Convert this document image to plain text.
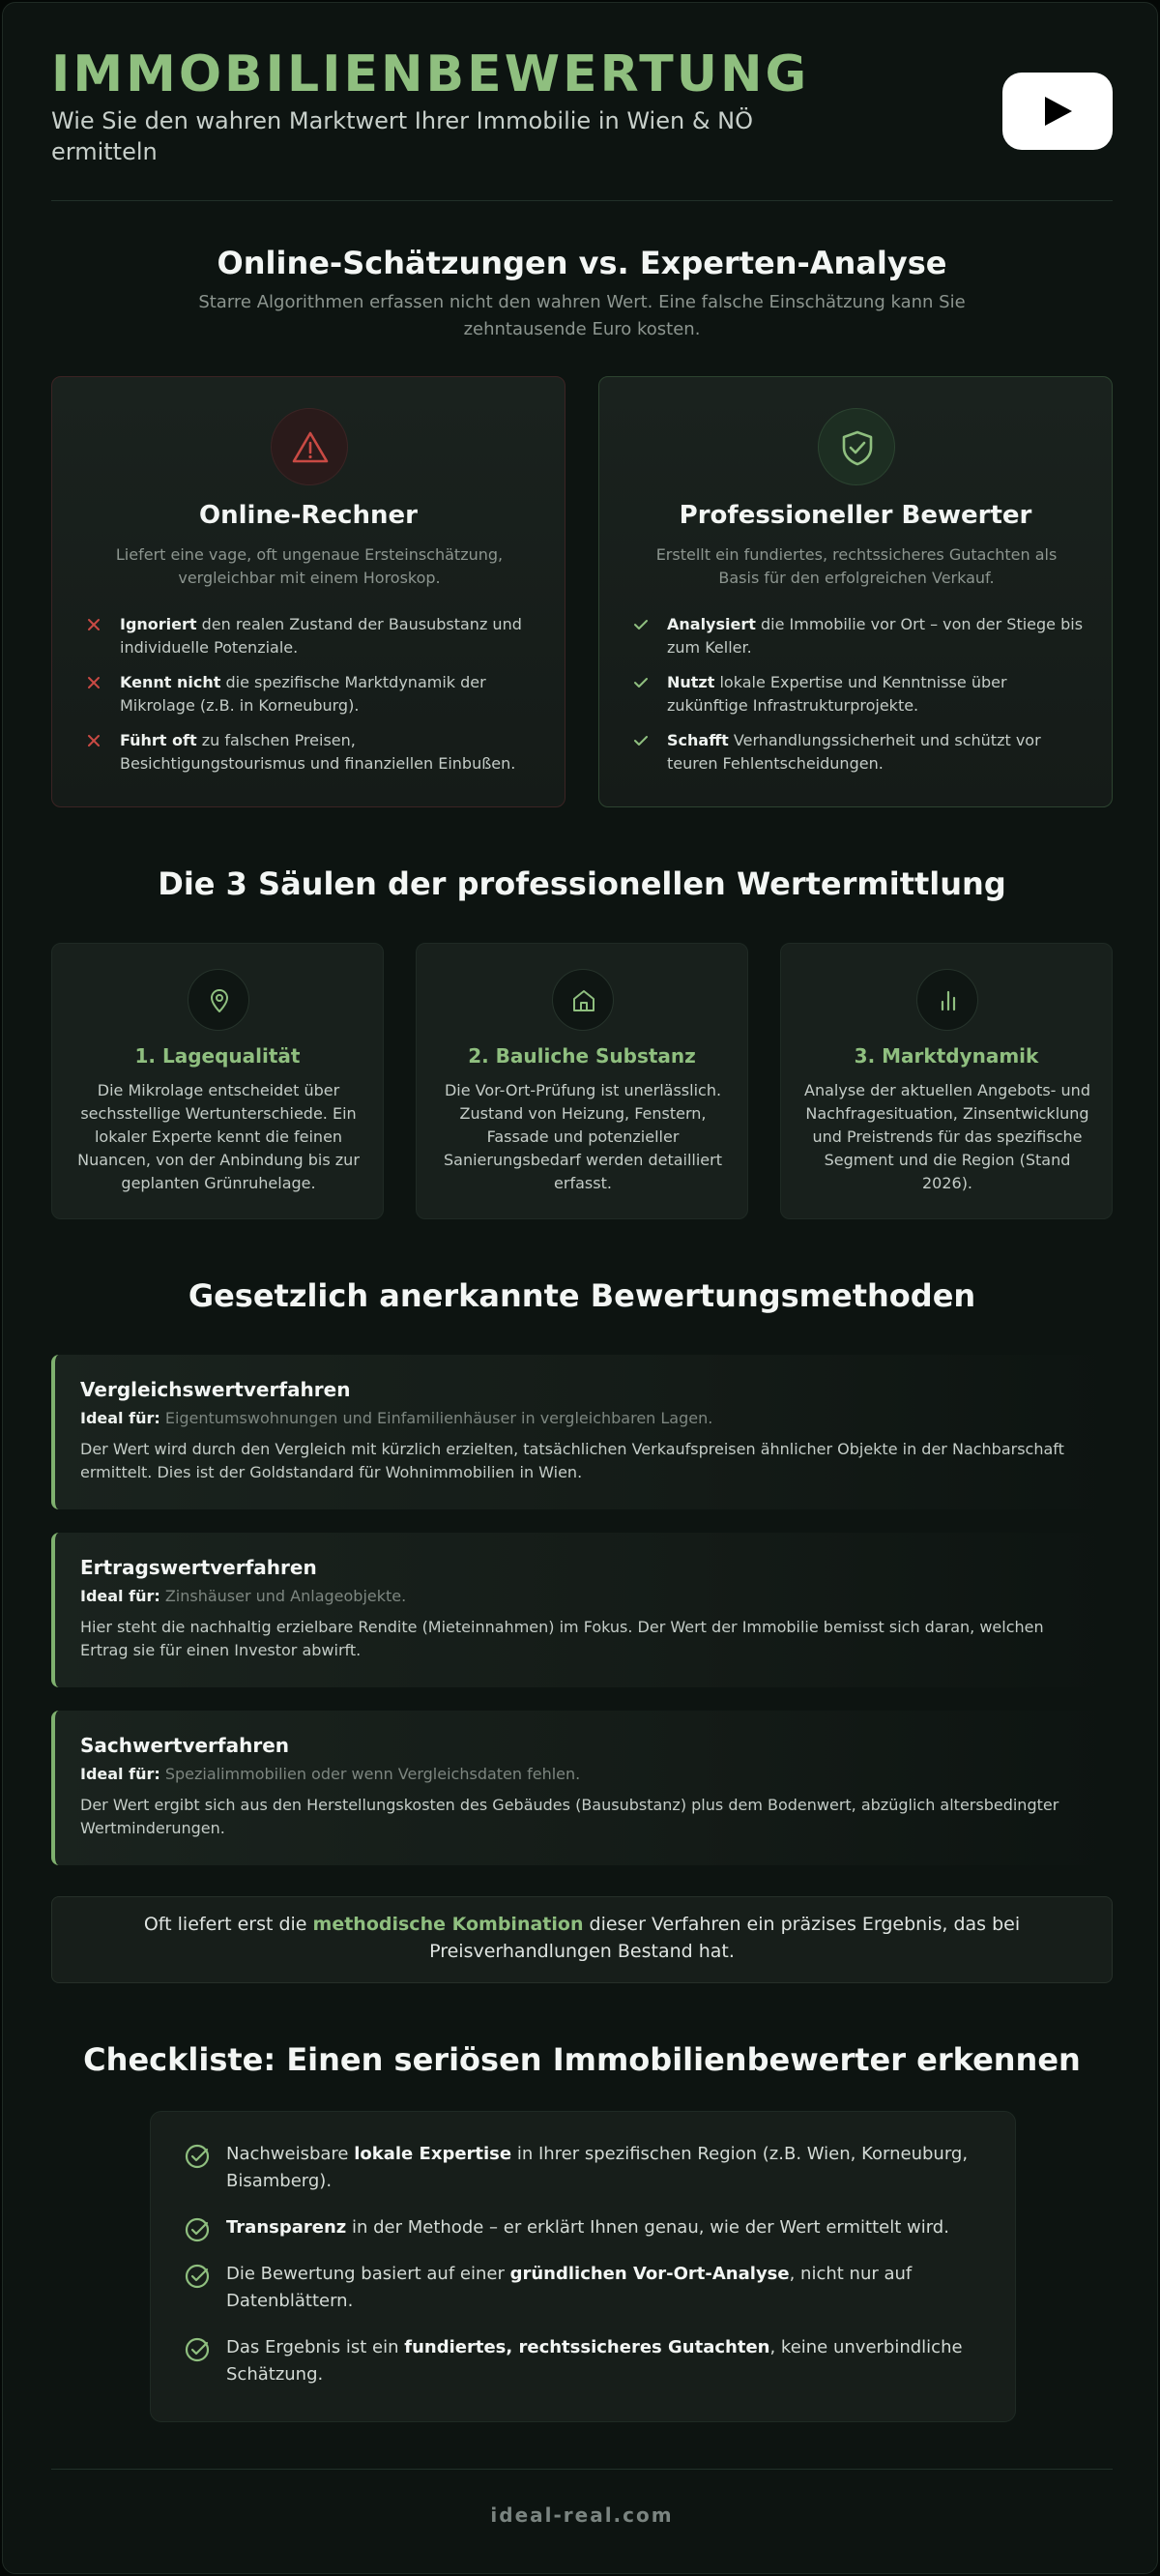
IMMOBILIENBEWERTUNG
Wie Sie den wahren Marktwert Ihrer Immobilie in Wien & NÖ ermitteln
Online-Schätzungen vs. Experten-Analyse
Starre Algorithmen erfassen nicht den wahren Wert. Eine falsche Einschätzung kann Sie zehntausende Euro kosten.
Online-Rechner
Liefert eine vage, oft ungenaue Ersteinschätzung, vergleichbar mit einem Horoskop.
Ignoriert den realen Zustand der Bausubstanz und individuelle Potenziale.
Kennt nicht die spezifische Marktdynamik der Mikrolage (z.B. in Korneuburg).
Führt oft zu falschen Preisen, Besichtigungstourismus und finanziellen Einbußen.
Professioneller Bewerter
Erstellt ein fundiertes, rechtssicheres Gutachten als Basis für den erfolgreichen Verkauf.
Analysiert die Immobilie vor Ort – von der Stiege bis zum Keller.
Nutzt lokale Expertise und Kenntnisse über zukünftige Infrastrukturprojekte.
Schafft Verhandlungssicherheit und schützt vor teuren Fehlentscheidungen.
Die 3 Säulen der professionellen Wertermittlung
1. Lagequalität
Die Mikrolage entscheidet über sechsstellige Wertunterschiede. Ein lokaler Experte kennt die feinen Nuancen, von der Anbindung bis zur geplanten Grünruhelage.
2. Bauliche Substanz
Die Vor-Ort-Prüfung ist unerlässlich. Zustand von Heizung, Fenstern, Fassade und potenzieller Sanierungsbedarf werden detailliert erfasst.
3. Marktdynamik
Analyse der aktuellen Angebots- und Nachfragesituation, Zinsentwicklung und Preistrends für das spezifische Segment und die Region (Stand 2026).
Gesetzlich anerkannte Bewertungsmethoden
Vergleichswertverfahren
Ideal für: Eigentumswohnungen und Einfamilienhäuser in vergleichbaren Lagen.
Der Wert wird durch den Vergleich mit kürzlich erzielten, tatsächlichen Verkaufspreisen ähnlicher Objekte in der Nachbarschaft ermittelt. Dies ist der Goldstandard für Wohnimmobilien in Wien.
Ertragswertverfahren
Ideal für: Zinshäuser und Anlageobjekte.
Hier steht die nachhaltig erzielbare Rendite (Mieteinnahmen) im Fokus. Der Wert der Immobilie bemisst sich daran, welchen Ertrag sie für einen Investor abwirft.
Sachwertverfahren
Ideal für: Spezialimmobilien oder wenn Vergleichsdaten fehlen.
Der Wert ergibt sich aus den Herstellungskosten des Gebäudes (Bausubstanz) plus dem Bodenwert, abzüglich altersbedingter Wertminderungen.
Oft liefert erst die methodische Kombination dieser Verfahren ein präzises Ergebnis, das bei Preisverhandlungen Bestand hat.
Checkliste: Einen seriösen Immobilienbewerter erkennen
Nachweisbare lokale Expertise in Ihrer spezifischen Region (z.B. Wien, Korneuburg, Bisamberg).
Transparenz in der Methode – er erklärt Ihnen genau, wie der Wert ermittelt wird.
Die Bewertung basiert auf einer gründlichen Vor-Ort-Analyse, nicht nur auf Datenblättern.
Das Ergebnis ist ein fundiertes, rechtssicheres Gutachten, keine unverbindliche Schätzung.
ideal-real.com
